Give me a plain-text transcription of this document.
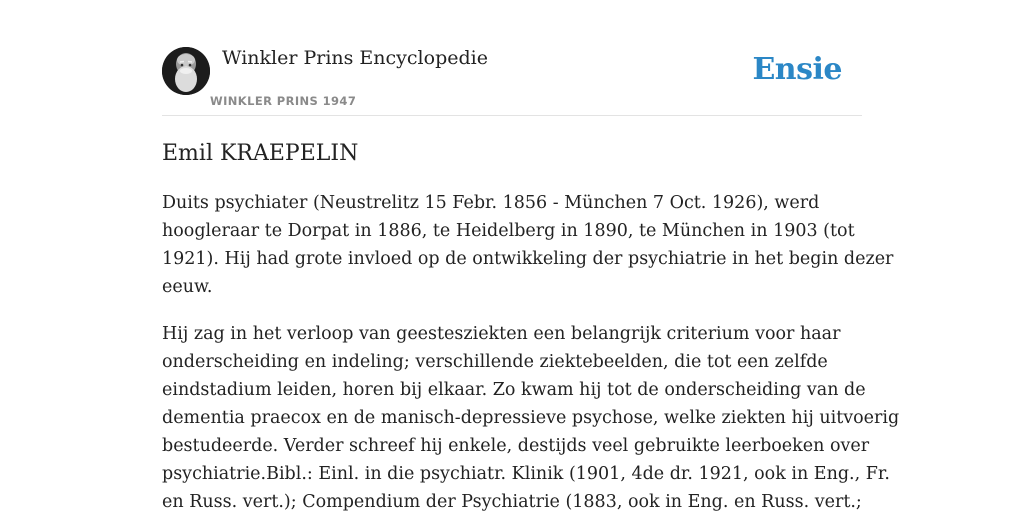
Winkler Prins Encyclopedie
WINKLER PRINS 1947
Ensie
Emil KRAEPELIN

Duits psychiater (Neustrelitz 15 Febr. 1856 - München 7 Oct. 1926), werd
hoogleraar te Dorpat in 1886, te Heidelberg in 1890, te München in 1903 (tot
1921). Hij had grote invloed op de ontwikkeling der psychiatrie in het begin dezer
eeuw.

Hij zag in het verloop van geestesziekten een belangrijk criterium voor haar
onderscheiding en indeling; verschillende ziektebeelden, die tot een zelfde
eindstadium leiden, horen bij elkaar. Zo kwam hij tot de onderscheiding van de
dementia praecox en de manisch-depressieve psychose, welke ziekten hij uitvoerig
bestudeerde. Verder schreef hij enkele, destijds veel gebruikte leerboeken over
psychiatrie.Bibl.: Einl. in die psychiatr. Klinik (1901, 4de dr. 1921, ook in Eng., Fr.
en Russ. vert.); Compendium der Psychiatrie (1883, ook in Eng. en Russ. vert.;
